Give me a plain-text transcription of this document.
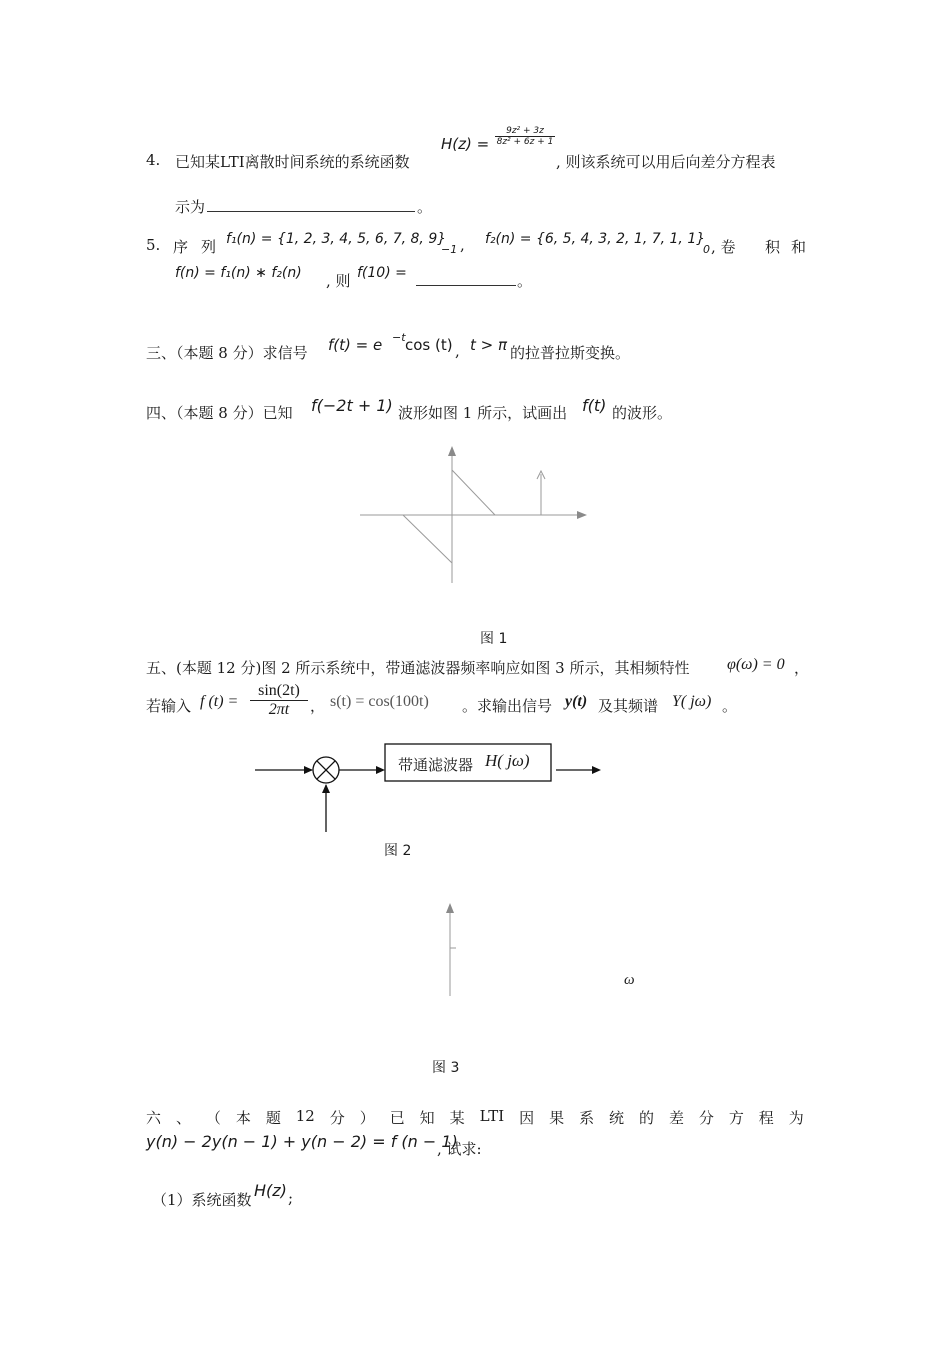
4. 已知某LTI离散时间系统的系统函数
$H(z) = \frac{\text{9z² + 3z}}{\text{8z² + 6z + 1}}$
, 则该系统可以用后向差分方程表
示为	。
5. 序 列 f₁(n) = {1, 2, 3, 4, 5, 6, 7, 8, 9}
−1 , f₂(n) = {6, 5, 4, 3, 2, 1, 7, 1, 1}
0 , 卷 积 和
f(n) = f₁(n) ∗ f₂(n) , 则 f(10) =	。
三、（本题 8 分）求信号 f(t) = e −t cos (t) , t > π 的拉普拉斯变换。
四、（本题 8 分）已知 f(−2t + 1) 波形如图 1 所示，试画出 f(t) 的波形。
图 1
五、(本题 12 分)图 2 所示系统中，带通滤波器频率响应如图 3 所示，其相频特性 φ(ω) = 0 ，
若输入 f $(t) = \frac{\sin(2t)}{2\pi t}$ ， s(t) = cos(100t) 。求输出信号 y(t) 及其频谱 Y( jω) 。
带通滤波器 H( jω)
图 2
ω
图 3
六 、 （ 本 题 12 分 ） 已 知 某 LTI 因 果 系 统 的 差 分 方 程 为
y(n) − 2y(n − 1) + y(n − 2) = f (n − 1)
, 试求:
（1）系统函数 H(z) ;
